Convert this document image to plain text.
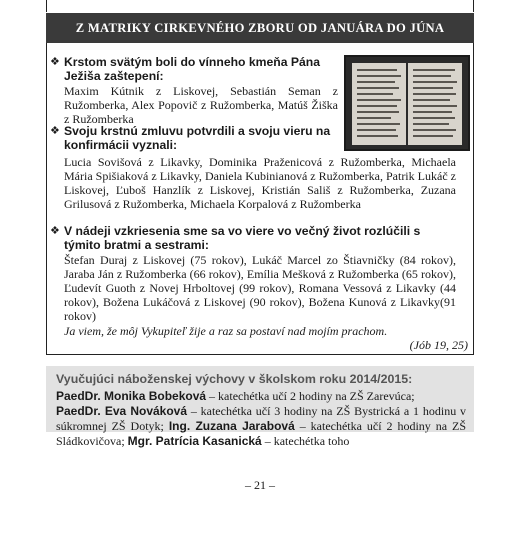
Z MATRIKY CIRKEVNÉHO ZBORU OD JANUÁRA DO JÚNA
❖ Krstom svätým boli do vínneho kmeňa Pána Ježiša zaštepení:
Maxim Kútnik z Liskovej, Sebastián Seman z Ružomberka, Alex Popovič z Ružomberka, Matúš Žiška z Ružomberka
❖ Svoju krstnú zmluvu potvrdili a svoju vieru na konfirmácii vyznali:
Lucia Sovišová z Likavky, Dominika Praženicová z Ružomberka, Michaela Mária Spišiaková z Likavky, Daniela Kubinianová z Ružomberka, Patrik Lukáč z Liskovej, Ľuboš Hanzlík z Liskovej, Kristián Sališ z Ružomberka, Zuzana Grilusová z Ružomberka, Michaela Korpalová z Ružomberka
❖ V nádeji vzkriesenia sme sa vo viere vo večný život rozlúčili s týmito bratmi a sestrami:
Štefan Duraj z Liskovej (75 rokov), Lukáč Marcel zo Štiavničky (84 rokov), Jaraba Ján z Ružomberka (66 rokov), Emília Mešková z Ružomberka (65 rokov), Ľudevít Guoth z Novej Hrboltovej (99 rokov), Romana Vessová z Likavky (44 rokov), Božena Lukáčová z Liskovej (90 rokov), Božena Kunová z Likavky(91 rokov)
Ja viem, že môj Vykupiteľ žije a raz sa postaví nad mojím prachom.
(Jób 19, 25)
Vyučujúci náboženskej výchovy v školskom roku 2014/2015:
PaedDr. Monika Bobeková – katechétka učí 2 hodiny na ZŠ Zarevúca;
PaedDr. Eva Nováková – katechétka učí 3 hodiny na ZŠ Bystrická a 1 hodinu v súkromnej ZŠ Dotyk; Ing. Zuzana Jarabová – katechétka učí 2 hodiny na ZŠ Sládkovičova; Mgr. Patrícia Kasanická – katechétka toho
– 21 –
